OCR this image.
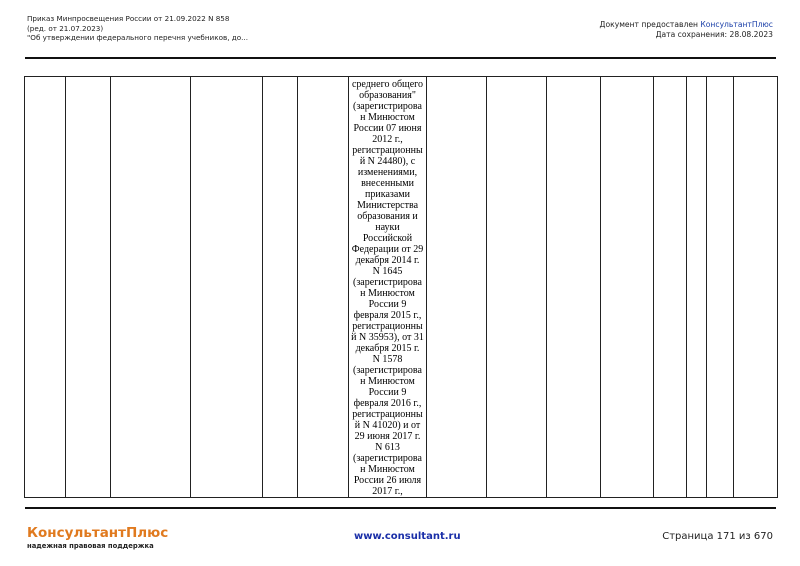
Приказ Минпросвещения России от 21.09.2022 N 858
(ред. от 21.07.2023)
"Об утверждении федерального перечня учебников, до...
Документ предоставлен КонсультантПлюс
Дата сохранения: 28.08.2023

среднего общего
образования"
(зарегистрирова
н Минюстом
России 07 июня
2012 г.,
регистрационны
й N 24480), с
изменениями,
внесенными
приказами
Министерства
образования и
науки
Российской
Федерации от 29
декабря 2014 г.
N 1645
(зарегистрирова
н Минюстом
России 9
февраля 2015 г.,
регистрационны
й N 35953), от 31
декабря 2015 г.
N 1578
(зарегистрирова
н Минюстом
России 9
февраля 2016 г.,
регистрационны
й N 41020) и от
29 июня 2017 г.
N 613
(зарегистрирова
н Минюстом
России 26 июля
2017 г.,

КонсультантПлюс
надежная правовая поддержка
www.consultant.ru	Страница 171 из 670
